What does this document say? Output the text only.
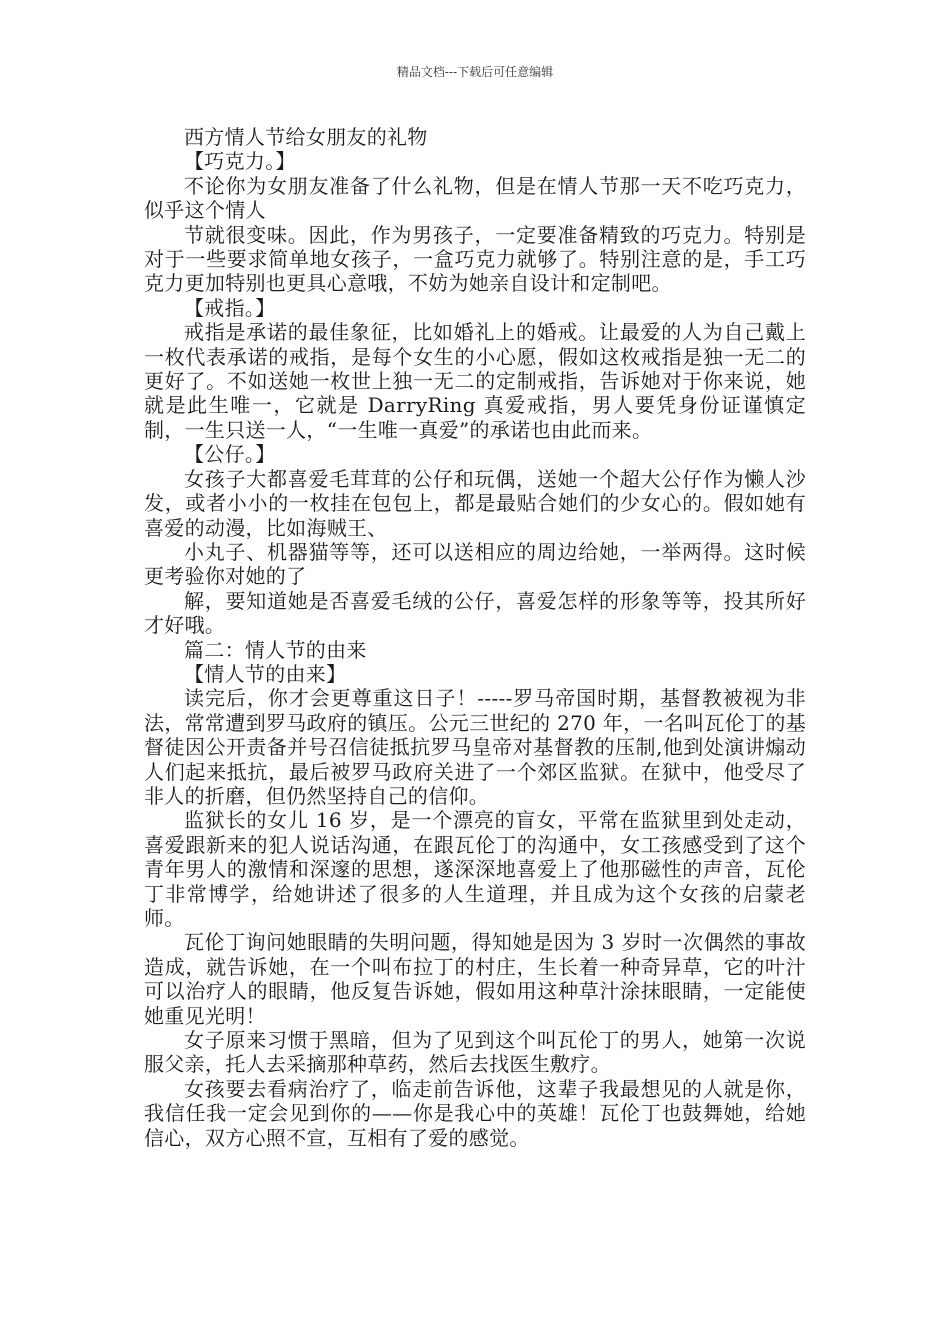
精品文档---下载后可任意编辑

西方情人节给女朋友的礼物

【巧克力。】

不论你为女朋友准备了什么礼物，但是在情人节那一天不吃巧克力，似乎这个情人

节就很变味。因此，作为男孩子，一定要准备精致的巧克力。特别是对于一些要求简单地女孩子，一盒巧克力就够了。特别注意的是，手工巧克力更加特别也更具心意哦，不妨为她亲自设计和定制吧。

【戒指。】

戒指是承诺的最佳象征，比如婚礼上的婚戒。让最爱的人为自己戴上一枚代表承诺的戒指，是每个女生的小心愿，假如这枚戒指是独一无二的更好了。不如送她一枚世上独一无二的定制戒指，告诉她对于你来说，她就是此生唯一，它就是 DarryRing 真爱戒指，男人要凭身份证谨慎定制，一生只送一人，“一生唯一真爱”的承诺也由此而来。

【公仔。】

女孩子大都喜爱毛茸茸的公仔和玩偶，送她一个超大公仔作为懒人沙发，或者小小的一枚挂在包包上，都是最贴合她们的少女心的。假如她有喜爱的动漫，比如海贼王、

小丸子、机器猫等等，还可以送相应的周边给她，一举两得。这时候更考验你对她的了

解，要知道她是否喜爱毛绒的公仔，喜爱怎样的形象等等，投其所好才好哦。

篇二：情人节的由来

【情人节的由来】

读完后，你才会更尊重这日子！-----罗马帝国时期，基督教被视为非法，常常遭到罗马政府的镇压。公元三世纪的 270 年，一名叫瓦伦丁的基督徒因公开责备并号召信徒抵抗罗马皇帝对基督教的压制,他到处演讲煽动人们起来抵抗，最后被罗马政府关进了一个郊区监狱。在狱中，他受尽了非人的折磨，但仍然坚持自己的信仰。

监狱长的女儿 16 岁，是一个漂亮的盲女，平常在监狱里到处走动，喜爱跟新来的犯人说话沟通，在跟瓦伦丁的沟通中，女工孩感受到了这个青年男人的激情和深邃的思想，遂深深地喜爱上了他那磁性的声音，瓦伦丁非常博学，给她讲述了很多的人生道理，并且成为这个女孩的启蒙老师。

瓦伦丁询问她眼睛的失明问题，得知她是因为 3 岁时一次偶然的事故造成，就告诉她，在一个叫布拉丁的村庄，生长着一种奇异草，它的叶汁可以治疗人的眼睛，他反复告诉她，假如用这种草汁涂抹眼睛，一定能使她重见光明！

女子原来习惯于黑暗，但为了见到这个叫瓦伦丁的男人，她第一次说服父亲，托人去采摘那种草药，然后去找医生敷疗。

女孩要去看病治疗了，临走前告诉他，这辈子我最想见的人就是你，我信任我一定会见到你的——你是我心中的英雄！瓦伦丁也鼓舞她，给她信心，双方心照不宣，互相有了爱的感觉。
